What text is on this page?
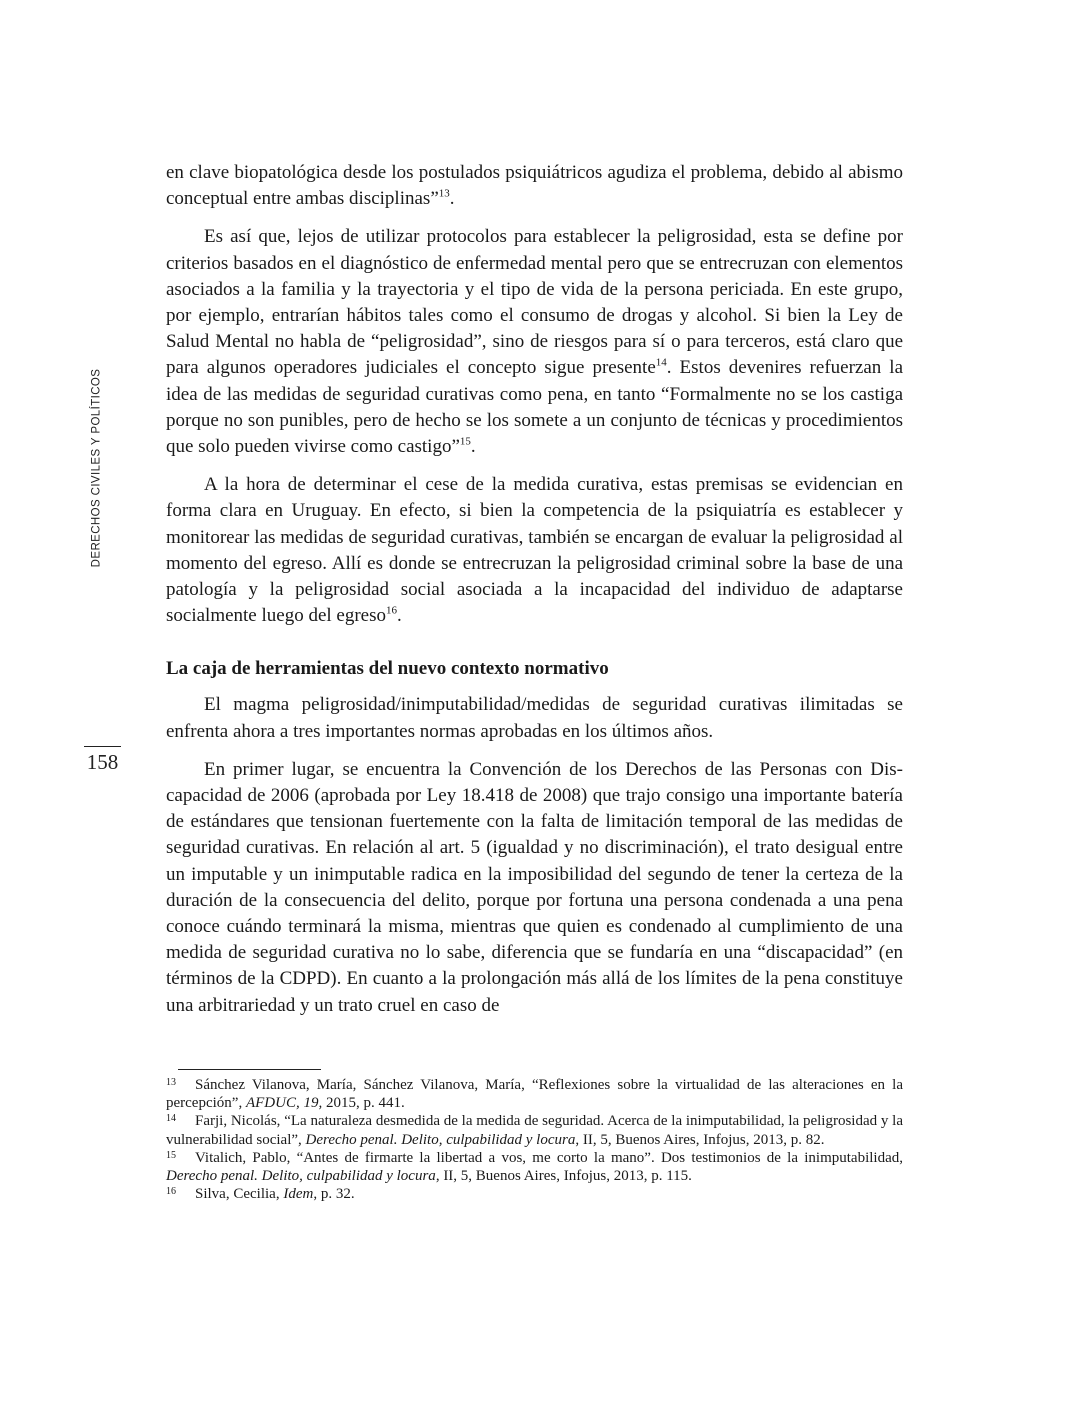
DERECHOS CIVILES Y POLÍTICOS
158

en clave biopatológica desde los postulados psiquiátricos agudiza el problema, debido al abismo conceptual entre ambas disciplinas”$^{13}$.

Es así que, lejos de utilizar protocolos para establecer la peligrosidad, esta se define por criterios basados en el diagnóstico de enfermedad mental pero que se entrecruzan con elementos asociados a la familia y la trayectoria y el tipo de vida de la persona periciada. En este grupo, por ejemplo, entrarían hábitos tales como el consumo de drogas y alcohol. Si bien la Ley de Salud Mental no habla de “peligrosidad”, sino de riesgos para sí o para terceros, está claro que para algunos operadores judiciales el concepto sigue presente$^{14}$. Estos devenires refuerzan la idea de las medidas de seguridad curativas como pena, en tanto “Formalmente no se los castiga porque no son punibles, pero de hecho se los somete a un conjunto de técnicas y procedimientos que solo pueden vivirse como castigo”$^{15}$.

A la hora de determinar el cese de la medida curativa, estas premisas se evidencian en forma clara en Uruguay. En efecto, si bien la competencia de la psiquiatría es establecer y monitorear las medidas de seguridad curativas, también se encargan de evaluar la peligrosidad al momento del egreso. Allí es donde se entrecruzan la peligrosidad criminal sobre la base de una patología y la peligrosidad social asociada a la incapacidad del individuo de adaptarse socialmente luego del egreso$^{16}$.

La caja de herramientas del nuevo contexto normativo

El magma peligrosidad/inimputabilidad/medidas de seguridad curativas ilimitadas se enfrenta ahora a tres importantes normas aprobadas en los últimos años.

En primer lugar, se encuentra la Convención de los Derechos de las Personas con Discapacidad de 2006 (aprobada por Ley 18.418 de 2008) que trajo consigo una importante batería de estándares que tensionan fuertemente con la falta de limitación temporal de las medidas de seguridad curativas. En relación al art. 5 (igualdad y no discriminación), el trato desigual entre un imputable y un inimputable radica en la imposibilidad del segundo de tener la certeza de la duración de la consecuencia del delito, porque por fortuna una persona condenada a una pena conoce cuándo terminará la misma, mientras que quien es condenado al cumplimiento de una medida de seguridad curativa no lo sabe, diferencia que se fundaría en una “discapacidad” (en términos de la CDPD). En cuanto a la prolongación más allá de los límites de la pena constituye una arbitrariedad y un trato cruel en caso de

13 Sánchez Vilanova, María, Sánchez Vilanova, María, “Reflexiones sobre la virtualidad de las alteraciones en la percepción”, AFDUC, 19, 2015, p. 441.

14 Farji, Nicolás, “La naturaleza desmedida de la medida de seguridad. Acerca de la inimputabilidad, la peligrosidad y la vulnerabilidad social”, Derecho penal. Delito, culpabilidad y locura, II, 5, Buenos Aires, Infojus, 2013, p. 82.

15 Vitalich, Pablo, “Antes de firmarte la libertad a vos, me corto la mano”. Dos testimonios de la inimputabilidad, Derecho penal. Delito, culpabilidad y locura, II, 5, Buenos Aires, Infojus, 2013, p. 115.

16 Silva, Cecilia, Idem, p. 32.
